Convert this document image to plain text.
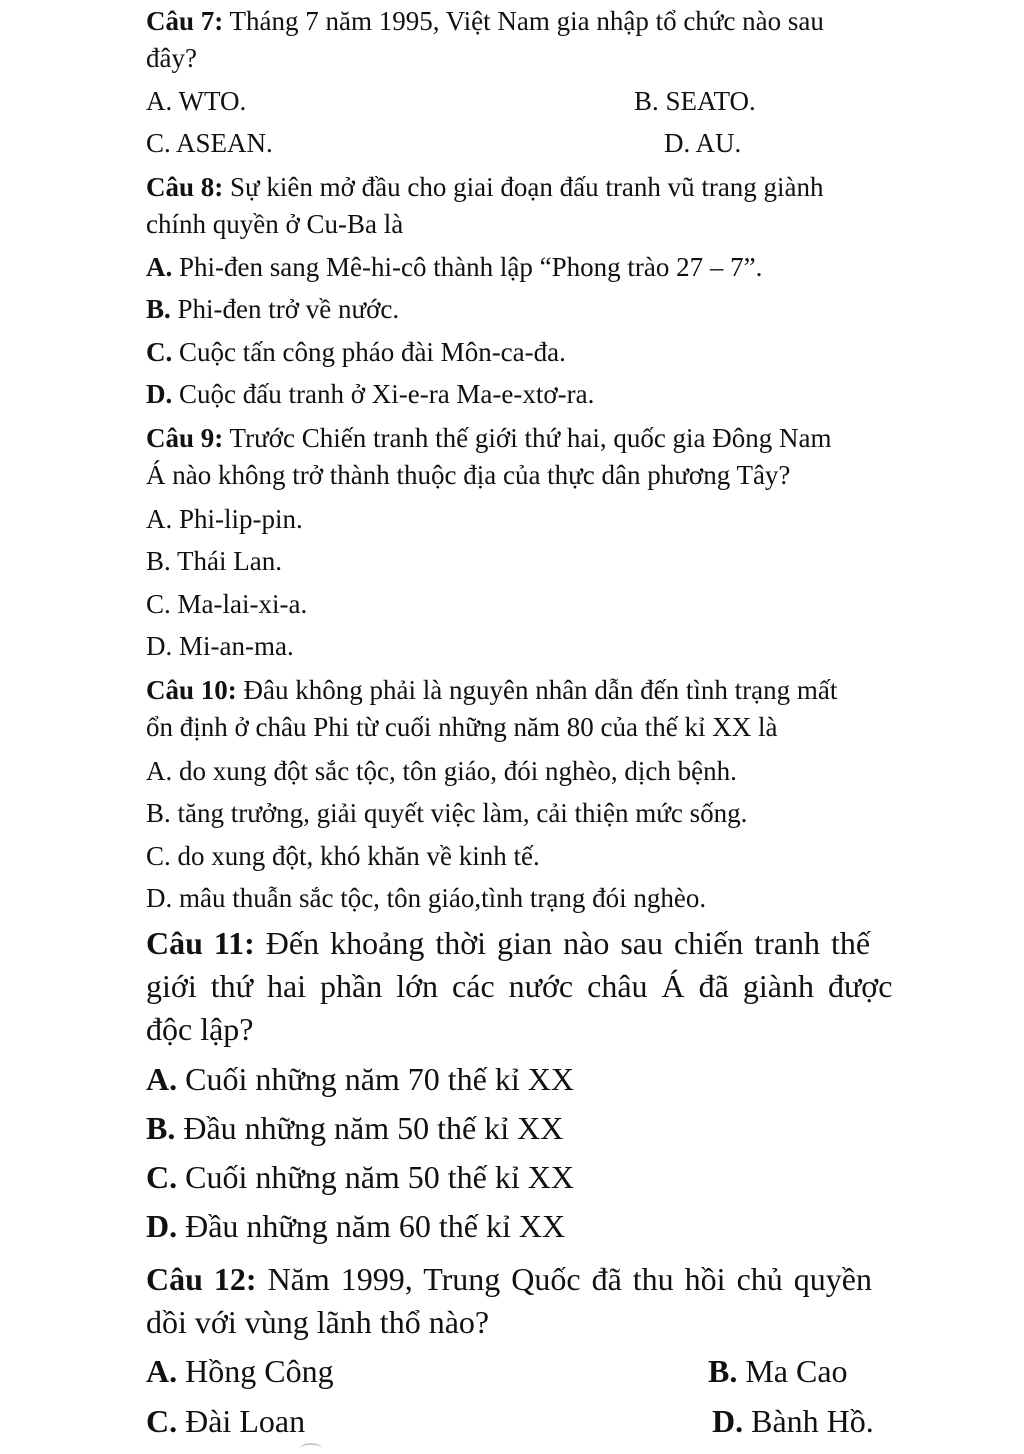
Câu 7: Tháng 7 năm 1995, Việt Nam gia nhập tổ chức nào sau
đây?
A. WTO.	B. SEATO.
C. ASEAN.	D. AU.
Câu 8: Sự kiên mở đầu cho giai đoạn đấu tranh vũ trang giành
chính quyền ở Cu-Ba là
A. Phi-đen sang Mê-hi-cô thành lập “Phong trào 27 – 7”.
B. Phi-đen trở về nước.
C. Cuộc tấn công pháo đài Môn-ca-đa.
D. Cuộc đấu tranh ở Xi-e-ra Ma-e-xtơ-ra.
Câu 9: Trước Chiến tranh thế giới thứ hai, quốc gia Đông Nam
Á nào không trở thành thuộc địa của thực dân phương Tây?
A. Phi-lip-pin.
B. Thái Lan.
C. Ma-lai-xi-a.
D. Mi-an-ma.
Câu 10: Đâu không phải là nguyên nhân dẫn đến tình trạng mất
ổn định ở châu Phi từ cuối những năm 80 của thế kỉ XX là
A. do xung đột sắc tộc, tôn giáo, đói nghèo, dịch bệnh.
B. tăng trưởng, giải quyết việc làm, cải thiện mức sống.
C. do xung đột, khó khăn về kinh tế.
D. mâu thuẫn sắc tộc, tôn giáo,tình trạng đói nghèo.
Câu 11: Đến khoảng thời gian nào sau chiến tranh thế
giới thứ hai phần lớn các nước châu Á đã giành được
độc lập?
A. Cuối những năm 70 thế kỉ XX
B. Đầu những năm 50 thế kỉ XX
C. Cuối những năm 50 thế kỉ XX
D. Đầu những năm 60 thế kỉ XX
Câu 12: Năm 1999, Trung Quốc đã thu hồi chủ quyền
dồi với vùng lãnh thổ nào?
A. Hồng Công	B. Ma Cao
C. Đài Loan	D. Bành Hồ.
